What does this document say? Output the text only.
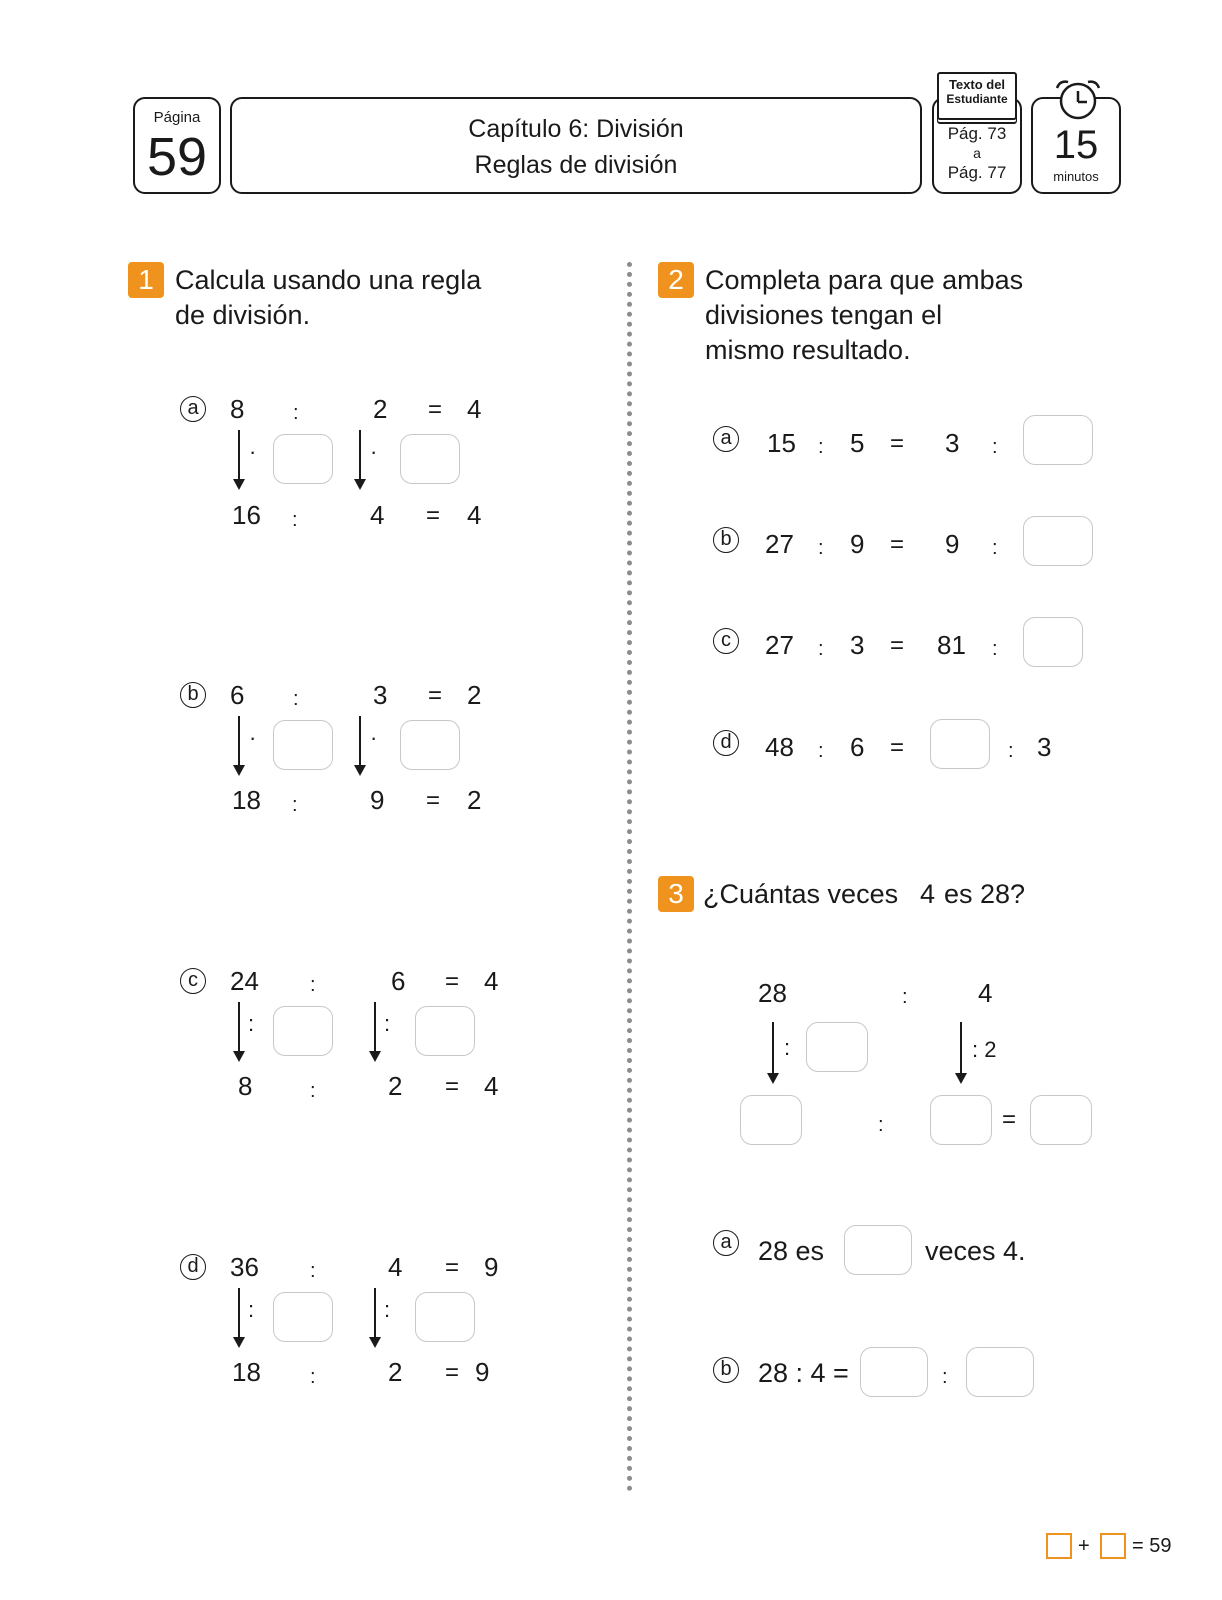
Página
59	Capítulo 6: División
Reglas de división
Pág. 73
a
Pág. 77
Texto del
Estudiante
15
minutos
1 Calcula usando una regla
de división.
a 8 :	2 = 4
·	·
16 :	4 = 4
b 6 :	3 = 2
·	·
18 :	9 = 2
c	24	:	6 = 4
:	:
8	:	2 = 4
d 36	:	4 = 9
:	:
18 :	2 = 9
2 Completa para que ambas
divisiones tengan el
mismo resultado.
a 15 : 5 = 3 :
b 27 : 9 = 9 :
c	27 : 3 = 81 :
d 48 : 6 =	: 3
3 ¿Cuántas veces 4 es 28?
28	:	4
:	: 2
:	=
a 28 es	veces 4.
b 28 : 4 =	:
+ = 59
